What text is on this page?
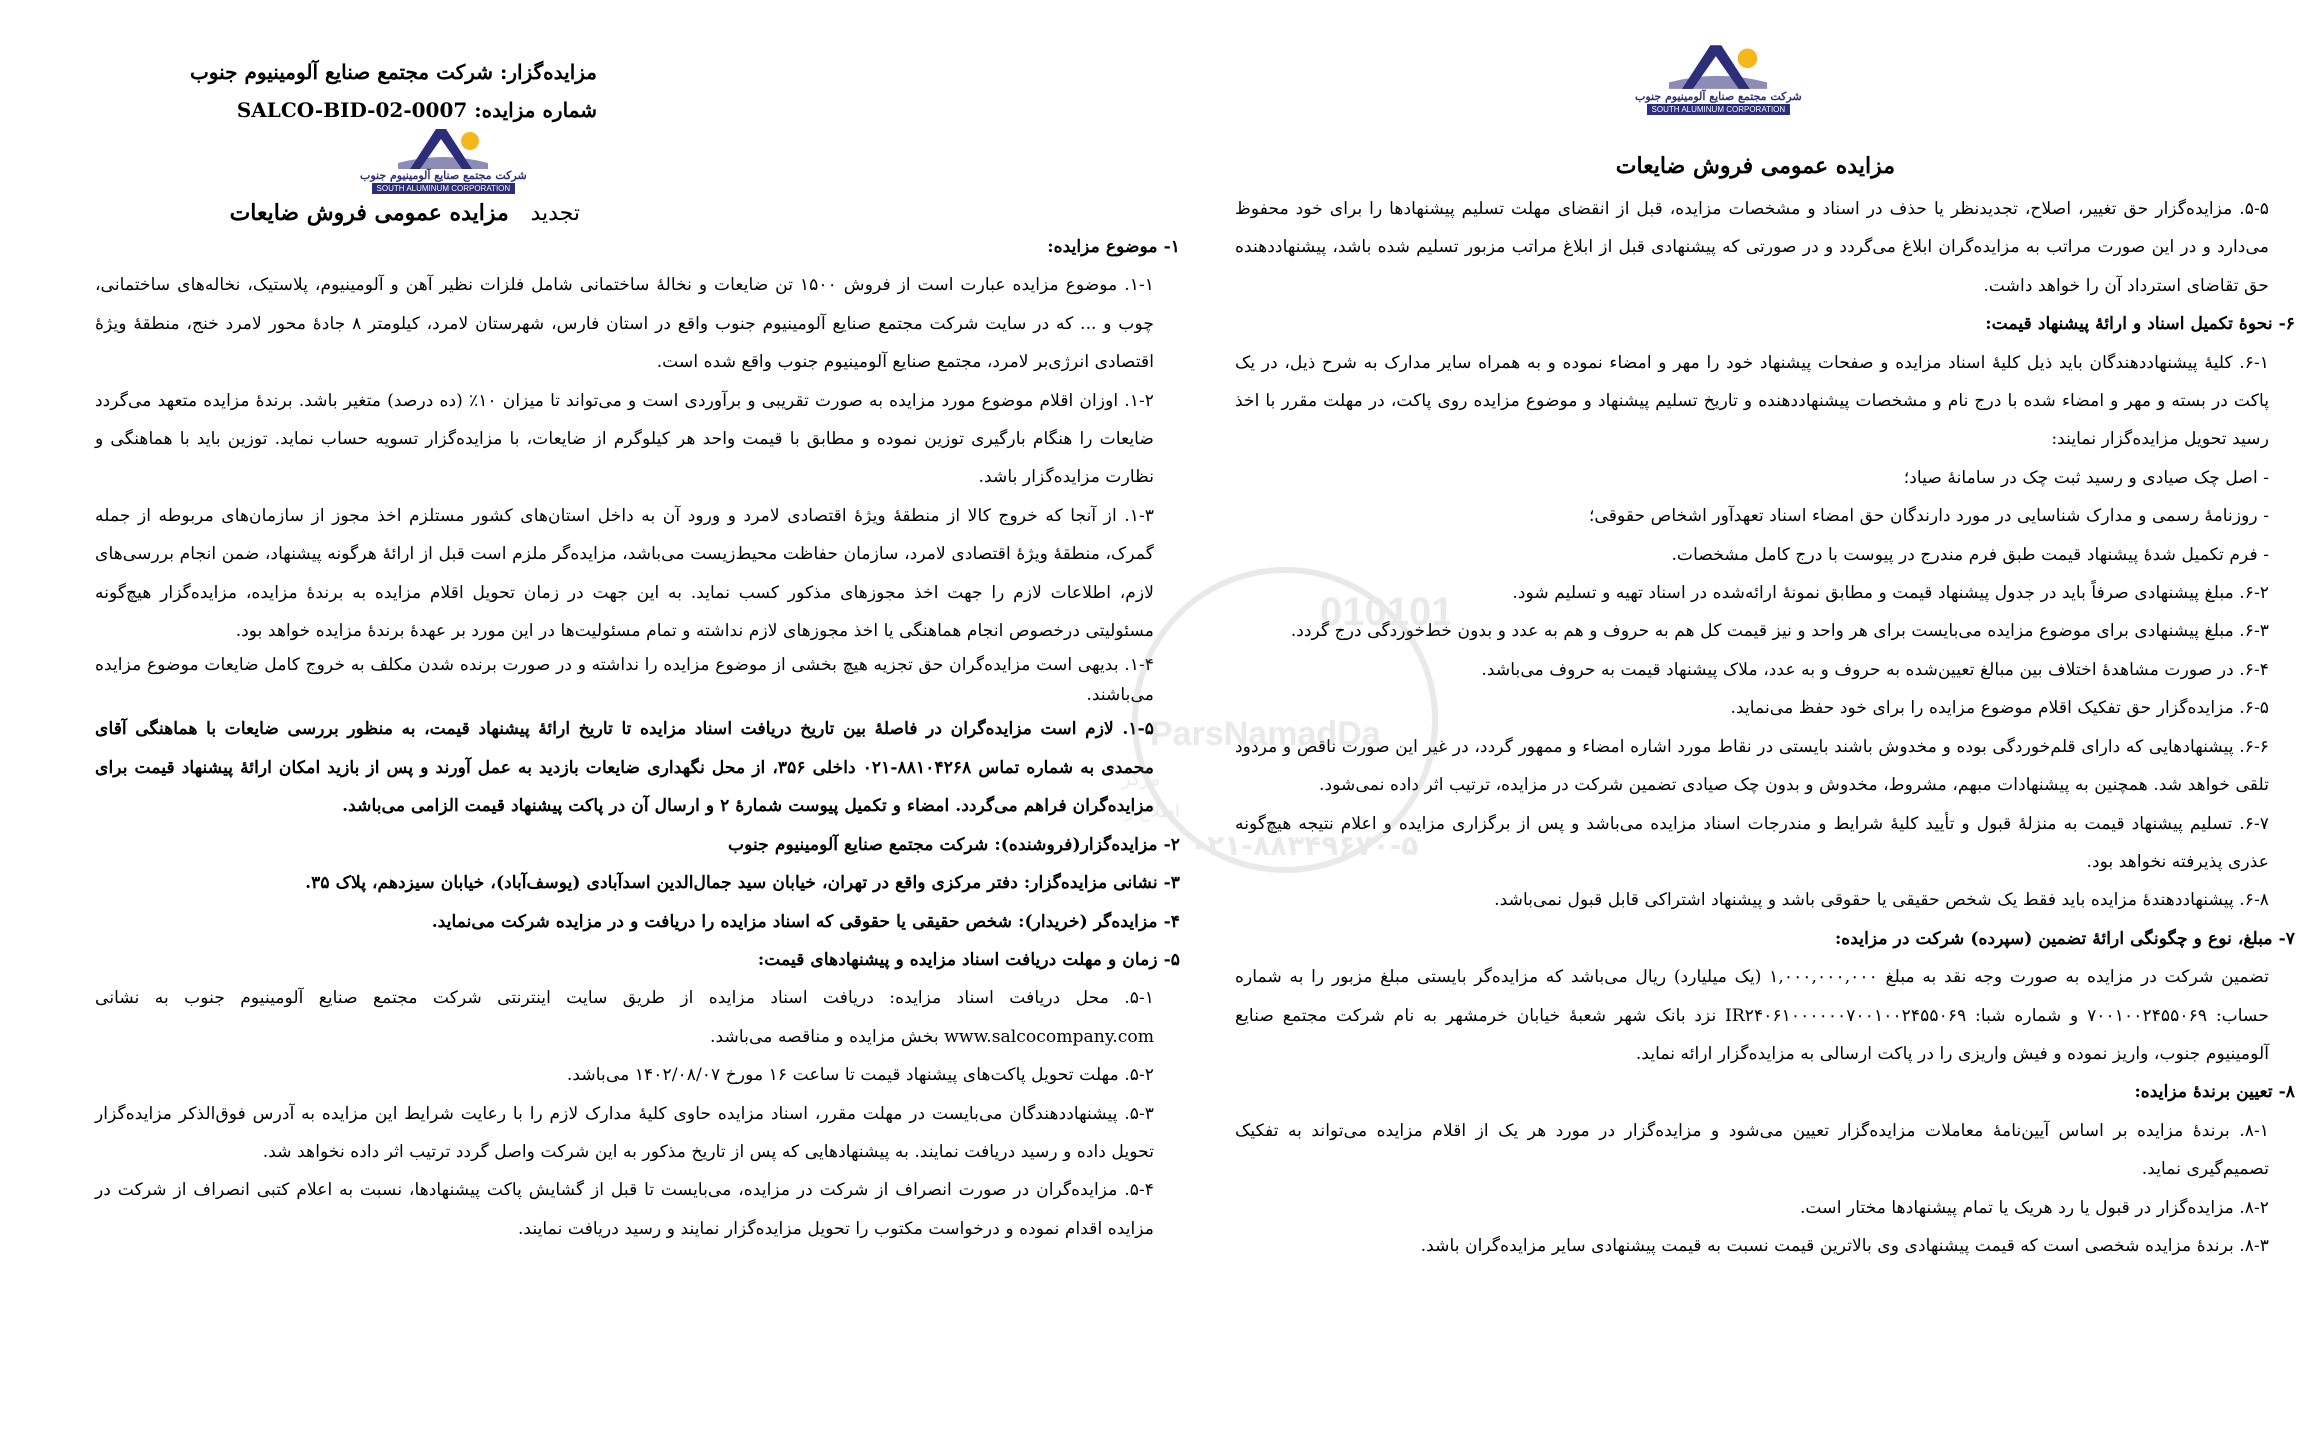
مزایده‌گزار: شرکت مجتمع صنایع آلومینیوم جنوب
شماره مزایده: SALCO-BID-02-0007
شرکت مجتمع صنایع آلومینیوم جنوب
SOUTH ALUMINUM CORPORATION
تجدید مزایده عمومی فروش ضایعات

۱- موضوع مزایده:

۱-۱. موضوع مزایده عبارت است از فروش ۱۵۰۰ تن ضایعات و نخالهٔ ساختمانی شامل فلزات نظیر آهن و آلومینیوم، پلاستیک، نخاله‌های ساختمانی، چوب و ... که در سایت شرکت مجتمع صنایع آلومینیوم جنوب واقع در استان فارس، شهرستان لامرد، کیلومتر ۸ جادهٔ محور لامرد خنج، منطقهٔ ویژهٔ اقتصادی انرژی‌بر لامرد، مجتمع صنایع آلومینیوم جنوب واقع شده است.

۱-۲. اوزان اقلام موضوع مورد مزایده به صورت تقریبی و برآوردی است و می‌تواند تا میزان ۱۰٪ (ده درصد) متغیر باشد. برندهٔ مزایده متعهد می‌گردد ضایعات را هنگام بارگیری توزین نموده و مطابق با قیمت واحد هر کیلوگرم از ضایعات، با مزایده‌گزار تسویه حساب نماید. توزین باید با هماهنگی و نظارت مزایده‌گزار باشد.

۱-۳. از آنجا که خروج کالا از منطقهٔ ویژهٔ اقتصادی لامرد و ورود آن به داخل استان‌های کشور مستلزم اخذ مجوز از سازمان‌های مربوطه از جمله گمرک، منطقهٔ ویژهٔ اقتصادی لامرد، سازمان حفاظت محیط‌زیست می‌باشد، مزایده‌گر ملزم است قبل از ارائهٔ هرگونه پیشنهاد، ضمن انجام بررسی‌های لازم، اطلاعات لازم را جهت اخذ مجوزهای مذکور کسب نماید. به این جهت در زمان تحویل اقلام مزایده به برندهٔ مزایده، مزایده‌گزار هیچ‌گونه مسئولیتی درخصوص انجام هماهنگی یا اخذ مجوزهای لازم نداشته و تمام مسئولیت‌ها در این مورد بر عهدهٔ برندهٔ مزایده خواهد بود.

۱-۴. بدیهی است مزایده‌گران حق تجزیه هیچ بخشی از موضوع مزایده را نداشته و در صورت برنده شدن مکلف به خروج کامل ضایعات موضوع مزایده می‌باشند.

۱-۵. لازم است مزایده‌گران در فاصلهٔ بین تاریخ دریافت اسناد مزایده تا تاریخ ارائهٔ پیشنهاد قیمت، به منظور بررسی ضایعات با هماهنگی آقای محمدی به شماره تماس ۸۸۱۰۴۲۶۸-۰۲۱ داخلی ۳۵۶، از محل نگهداری ضایعات بازدید به عمل آورند و پس از بازید امکان ارائهٔ پیشنهاد قیمت برای مزایده‌گران فراهم می‌گردد. امضاء و تکمیل پیوست شمارهٔ ۲ و ارسال آن در پاکت پیشنهاد قیمت الزامی می‌باشد.

۲- مزایده‌گزار(فروشنده): شرکت مجتمع صنایع آلومینیوم جنوب

۳- نشانی مزایده‌گزار: دفتر مرکزی واقع در تهران، خیابان سید جمال‌الدین اسدآبادی (یوسف‌آباد)، خیابان سیزدهم، پلاک ۳۵.

۴- مزایده‌گر (خریدار): شخص حقیقی یا حقوقی که اسناد مزایده را دریافت و در مزایده شرکت می‌نماید.

۵- زمان و مهلت دریافت اسناد مزایده و پیشنهادهای قیمت:

۵-۱. محل دریافت اسناد مزایده: دریافت اسناد مزایده از طریق سایت اینترنتی شرکت مجتمع صنایع آلومینیوم جنوب به نشانی www.salcocompany.com بخش مزایده و مناقصه می‌باشد.

۵-۲. مهلت تحویل پاکت‌های پیشنهاد قیمت تا ساعت ۱۶ مورخ ۱۴۰۲/۰۸/۰۷ می‌باشد.

۵-۳. پیشنهاددهندگان می‌بایست در مهلت مقرر، اسناد مزایده حاوی کلیهٔ مدارک لازم را با رعایت شرایط این مزایده به آدرس فوق‌الذکر مزایده‌گزار تحویل داده و رسید دریافت نمایند. به پیشنهادهایی که پس از تاریخ مذکور به این شرکت واصل گردد ترتیب اثر داده نخواهد شد.

۵-۴. مزایده‌گران در صورت انصراف از شرکت در مزایده، می‌بایست تا قبل از گشایش پاکت پیشنهادها، نسبت به اعلام کتبی انصراف از شرکت در مزایده اقدام نموده و درخواست مکتوب را تحویل مزایده‌گزار نمایند و رسید دریافت نمایند.

شرکت مجتمع صنایع آلومینیوم جنوب
SOUTH ALUMINUM CORPORATION
مزایده عمومی فروش ضایعات

۵-۵. مزایده‌گزار حق تغییر، اصلاح، تجدیدنظر یا حذف در اسناد و مشخصات مزایده، قبل از انقضای مهلت تسلیم پیشنهادها را برای خود محفوظ می‌دارد و در این صورت مراتب به مزایده‌گران ابلاغ می‌گردد و در صورتی که پیشنهادی قبل از ابلاغ مراتب مزبور تسلیم شده باشد، پیشنهاددهنده حق تقاضای استرداد آن را خواهد داشت.

۶- نحوهٔ تکمیل اسناد و ارائهٔ پیشنهاد قیمت:

۶-۱. کلیهٔ پیشنهاددهندگان باید ذیل کلیهٔ اسناد مزایده و صفحات پیشنهاد خود را مهر و امضاء نموده و به همراه سایر مدارک به شرح ذیل، در یک پاکت در بسته و مهر و امضاء شده با درج نام و مشخصات پیشنهاددهنده و تاریخ تسلیم پیشنهاد و موضوع مزایده روی پاکت، در مهلت مقرر با اخذ رسید تحویل مزایده‌گزار نمایند:

- اصل چک صیادی و رسید ثبت چک در سامانهٔ صیاد؛

- روزنامهٔ رسمی و مدارک شناسایی در مورد دارندگان حق امضاء اسناد تعهدآور اشخاص حقوقی؛

- فرم تکمیل شدهٔ پیشنهاد قیمت طبق فرم مندرج در پیوست با درج کامل مشخصات.

۶-۲. مبلغ پیشنهادی صرفاً باید در جدول پیشنهاد قیمت و مطابق نمونهٔ ارائه‌شده در اسناد تهیه و تسلیم شود.

۶-۳. مبلغ پیشنهادی برای موضوع مزایده می‌بایست برای هر واحد و نیز قیمت کل هم به حروف و هم به عدد و بدون خط‌خوردگی درج گردد.

۶-۴. در صورت مشاهدهٔ اختلاف بین مبالغ تعیین‌شده به حروف و به عدد، ملاک پیشنهاد قیمت به حروف می‌باشد.

۶-۵. مزایده‌گزار حق تفکیک اقلام موضوع مزایده را برای خود حفظ می‌نماید.

۶-۶. پیشنهادهایی که دارای قلم‌خوردگی بوده و مخدوش باشند بایستی در نقاط مورد اشاره امضاء و ممهور گردد، در غیر این صورت ناقص و مردود تلقی خواهد شد. همچنین به پیشنهادات مبهم، مشروط، مخدوش و بدون چک صیادی تضمین شرکت در مزایده، ترتیب اثر داده نمی‌شود.

۶-۷. تسلیم پیشنهاد قیمت به منزلهٔ قبول و تأیید کلیهٔ شرایط و مندرجات اسناد مزایده می‌باشد و پس از برگزاری مزایده و اعلام نتیجه هیچ‌گونه عذری پذیرفته نخواهد بود.

۶-۸. پیشنهاددهندهٔ مزایده باید فقط یک شخص حقیقی یا حقوقی باشد و پیشنهاد اشتراکی قابل قبول نمی‌باشد.

۷- مبلغ، نوع و چگونگی ارائهٔ تضمین (سپرده) شرکت در مزایده:

تضمین شرکت در مزایده به صورت وجه نقد به مبلغ ۱,۰۰۰,۰۰۰,۰۰۰ (یک میلیارد) ریال می‌باشد که مزایده‌گر بایستی مبلغ مزبور را به شماره حساب: ۷۰۰۱۰۰۲۴۵۵۰۶۹ و شماره شبا: IR۲۴۰۶۱۰۰۰۰۰۰۷۰۰۱۰۰۲۴۵۵۰۶۹ نزد بانک شهر شعبهٔ خیابان خرمشهر به نام شرکت مجتمع صنایع آلومینیوم جنوب، واریز نموده و فیش واریزی را در پاکت ارسالی به مزایده‌گزار ارائه نماید.

۸- تعیین برندهٔ مزایده:

۸-۱. برندهٔ مزایده بر اساس آیین‌نامهٔ معاملات مزایده‌گزار تعیین می‌شود و مزایده‌گزار در مورد هر یک از اقلام مزایده می‌تواند به تفکیک تصمیم‌گیری نماید.

۸-۲. مزایده‌گزار در قبول یا رد هریک یا تمام پیشنهادها مختار است.

۸-۳. برندهٔ مزایده شخصی است که قیمت پیشنهادی وی بالاترین قیمت نسبت به قیمت پیشنهادی سایر مزایده‌گران باشد.

010101
ParsNamadDa
مرکز
اطلاع ر
۰۲۱-۸۸۳۴۹۶۷۰-۵
